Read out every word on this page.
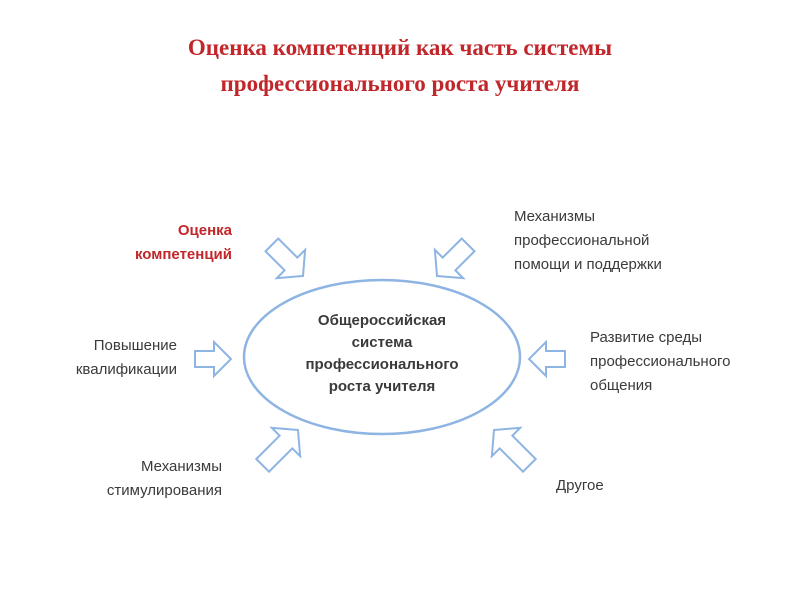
Оценка компетенций как часть системы
профессионального роста учителя
Общероссийская
система
профессионального
роста учителя
Оценка
компетенций
Механизмы
профессиональной
помощи и поддержки
Повышение
квалификации
Развитие среды
профессионального
общения
Механизмы
стимулирования	Другое
